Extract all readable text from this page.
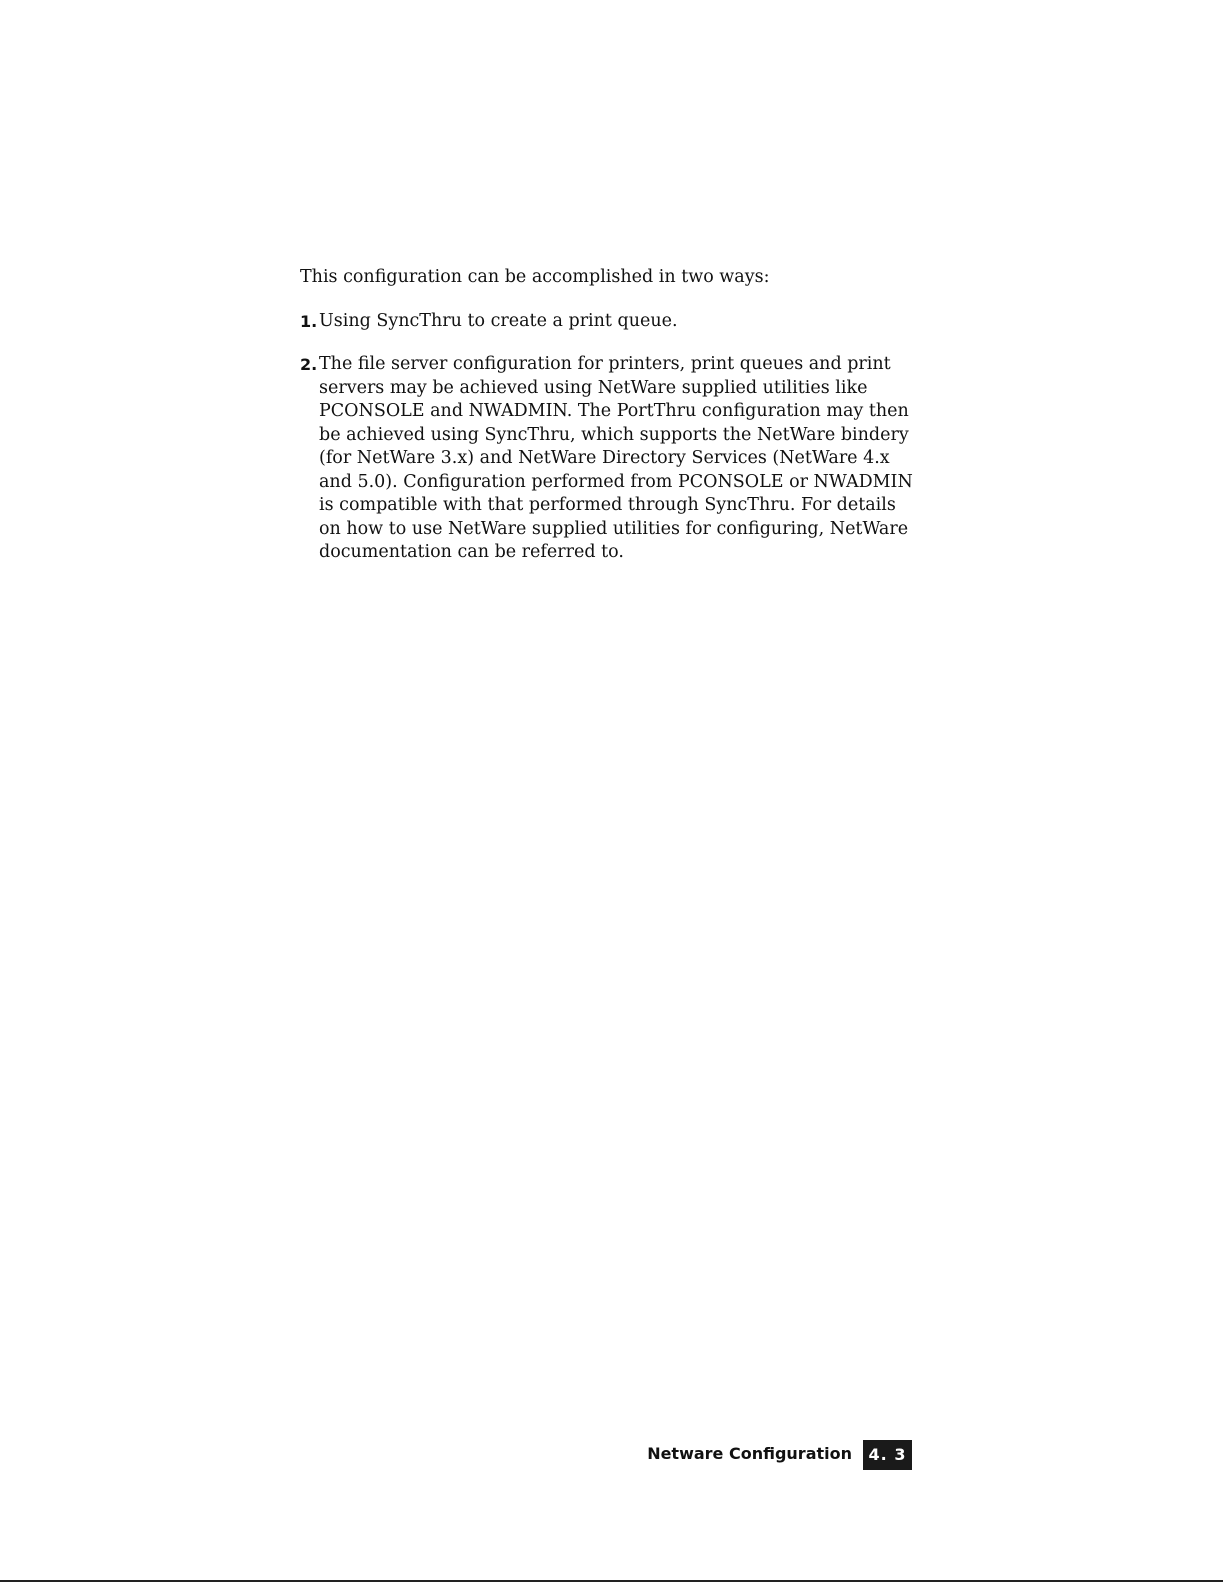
This configuration can be accomplished in two ways:

1. Using SyncThru to create a print queue.
2. The file server configuration for printers, print queues and print servers may be achieved using NetWare supplied utilities like PCONSOLE and NWADMIN. The PortThru configuration may then be achieved using SyncThru, which supports the NetWare bindery (for NetWare 3.x) and NetWare Directory Services (NetWare 4.x and 5.0). Configuration performed from PCONSOLE or NWADMIN is compatible with that performed through SyncThru. For details on how to use NetWare supplied utilities for configuring, NetWare documentation can be referred to.
Netware Configuration	4. 3
